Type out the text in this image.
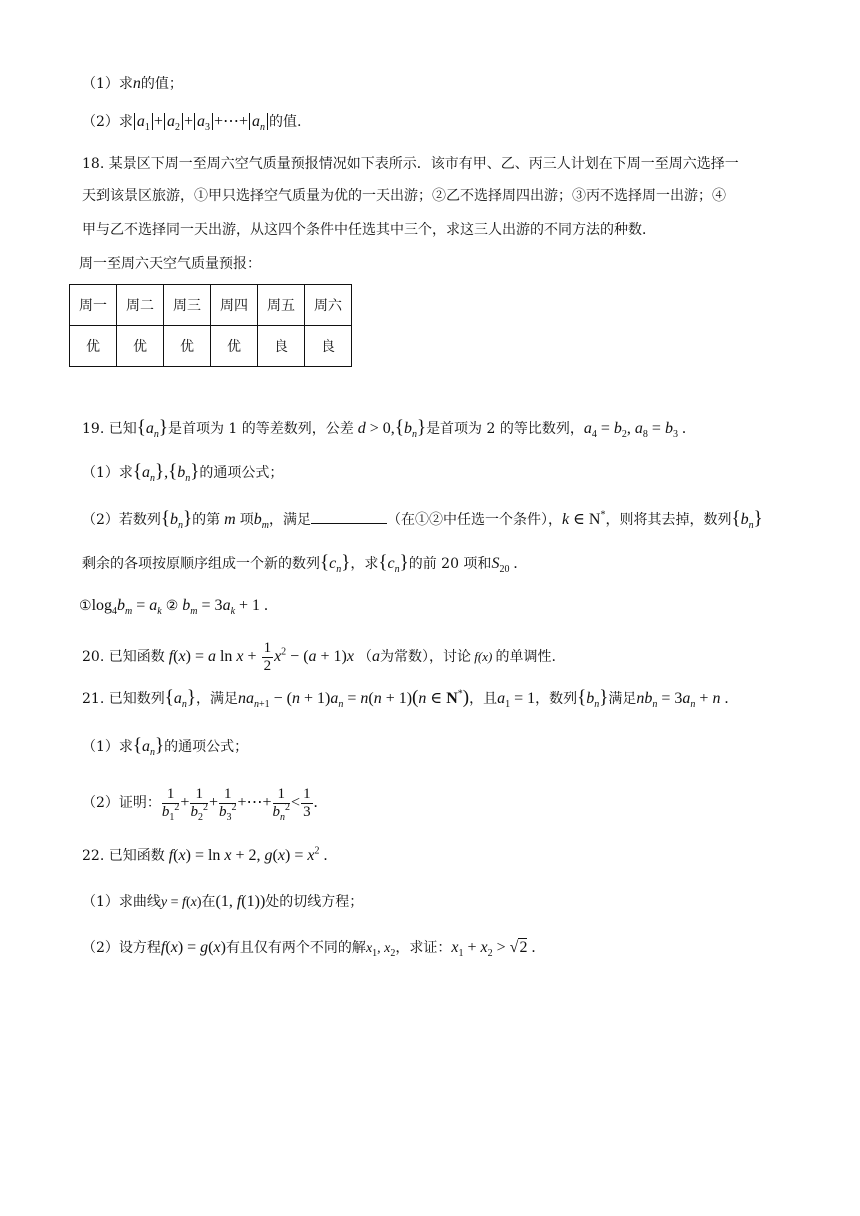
（1）求n的值；
（2）求 $a_1 + a_2 + a_3$ +⋯+ $a_n$ 的值.
18. 某景区下周一至周六空气质量预报情况如下表所示．该市有甲、乙、丙三人计划在下周一至周六选择一
天到该景区旅游，①甲只选择空气质量为优的一天出游；②乙不选择周四出游；③丙不选择周一出游；④
甲与乙不选择同一天出游，从这四个条件中任选其中三个，求这三人出游的不同方法的种数．
周一至周六天空气质量预报：
周一	周二	周三	周四	周五	周六
优	优	优	优	良	良
19. 已知$\{a_n\}$是首项为 1 的等差数列，公差 $d > 0,\{b_n\}$是首项为 2 的等比数列，$a_4 = b_2$, $a_8 = b_3$ .
（1）求$\{a_n\},\{b_n\}$的通项公式；
（2）若数列$\{b_n\}$的第 m 项$b_m$，满足	（在①②中任选一个条件），k ∈ N*，则将其去掉，数列$\{b_n\}$
剩余的各项按原顺序组成一个新的数列$\{c_n\}$，求$\{c_n\}$的前 20 项和$S_{20}$ .
$①\log_4b_m = a_k$ ② $b_m = 3a_k + 1$ .
20. 已知函数 f(x) = a $\ln x + \frac{1}{2} x^2 - (a + 1)x$ （a为常数），讨论 f(x) 的单调性.
21. 已知数列$\{a_n\}$，满足$na_{n+1} - (n + 1)a_n = n(n + 1)(n$ ∈ N*)，且$a_1 = 1$，数列$\{b_n\}$满足$nb_n = 3a_n + n$ .
（1）求$\{a_n\}$的通项公式；
（2）证明： $\frac{1}{b_1^2} + \frac{1}{b_2^2} + \frac{1}{b_3^2}$ +⋯+ $\frac{1}{b_n^2} < \frac{1}{3}$ .
22. 已知函数 f(x) = ln x + 2, $g(x) = x^2$ .
（1）求曲线y = f(x)在(1, f(1))处的切线方程；
（2）设方程f(x) = g(x)有且仅有两个不同的解$x_1$, $x_2$，求证：$x_1 + x_2 > √2$ .
